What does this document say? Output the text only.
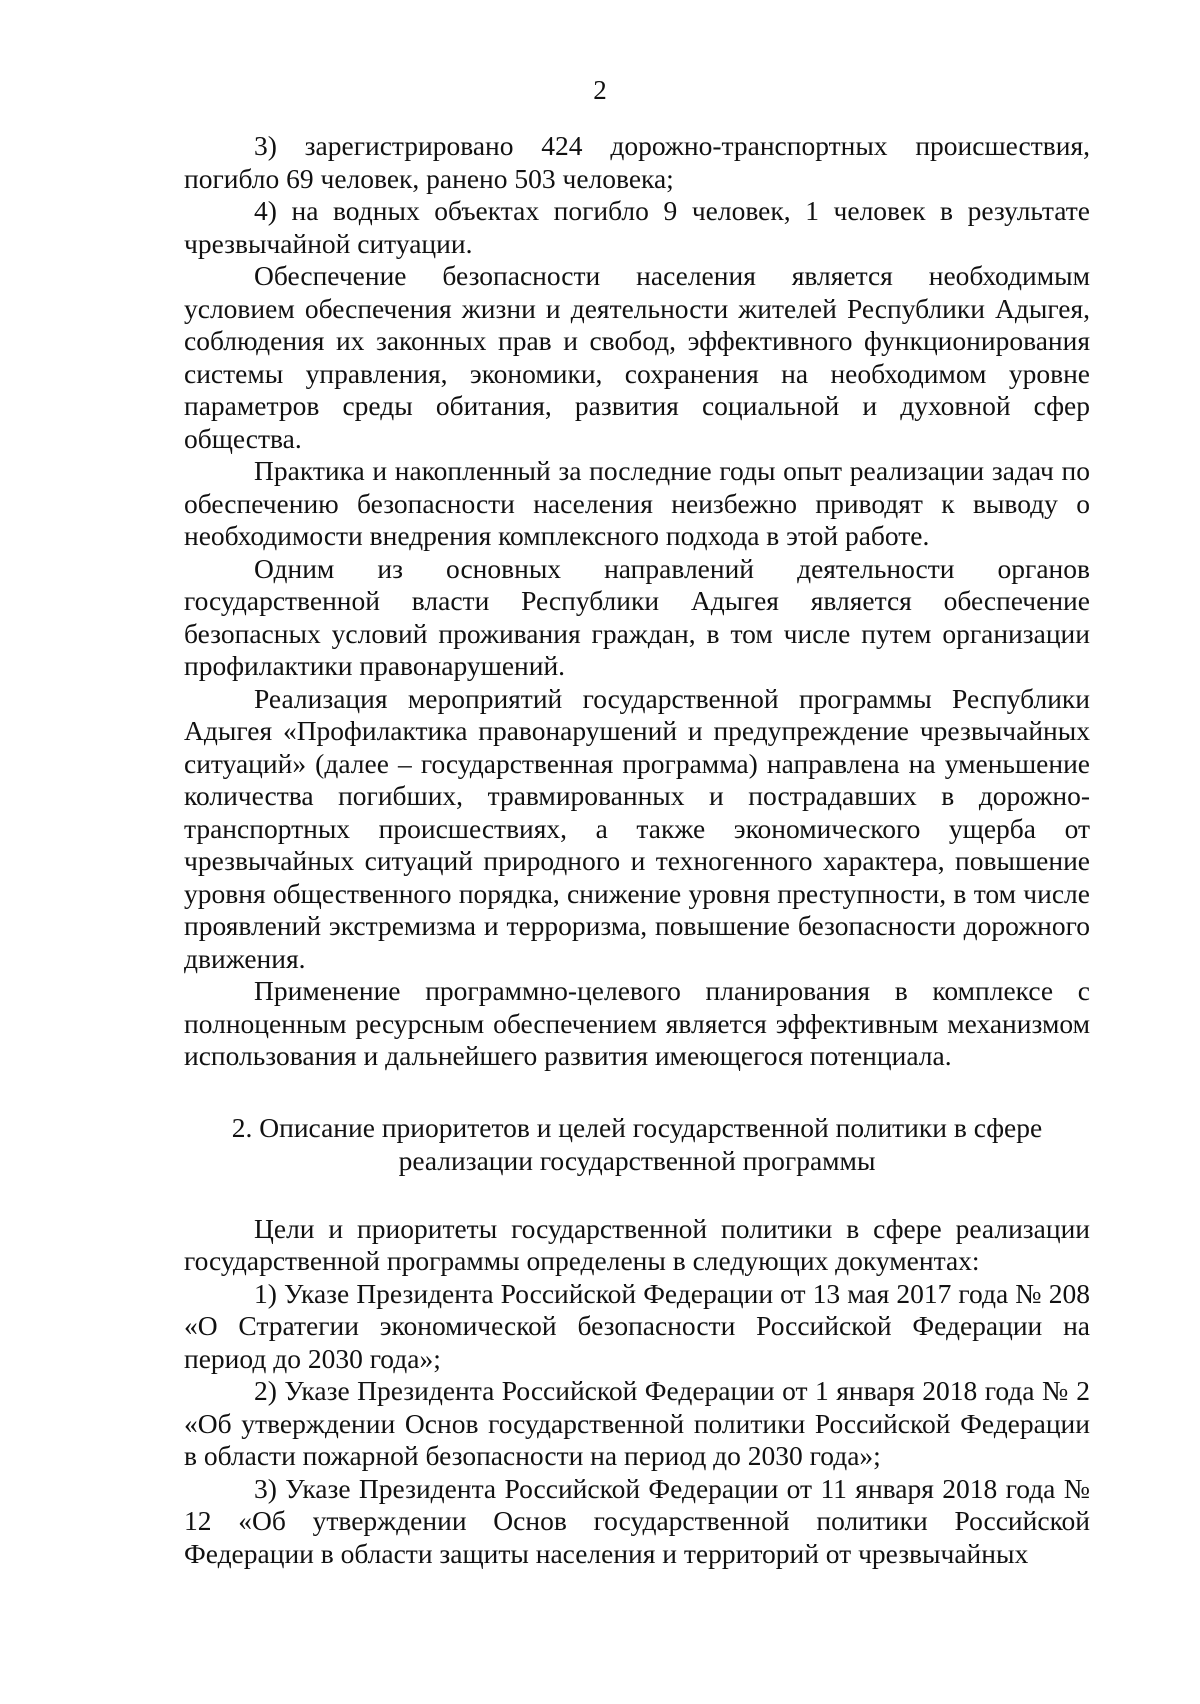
2

3) зарегистрировано 424 дорожно-транспортных происшествия, погибло 69 человек, ранено 503 человека;

4) на водных объектах погибло 9 человек, 1 человек в результате чрезвычайной ситуации.

Обеспечение безопасности населения является необходимым условием обеспечения жизни и деятельности жителей Республики Адыгея, соблюдения их законных прав и свобод, эффективного функционирования системы управления, экономики, сохранения на необходимом уровне параметров среды обитания, развития социальной и духовной сфер общества.

Практика и накопленный за последние годы опыт реализации задач по обеспечению безопасности населения неизбежно приводят к выводу о необходимости внедрения комплексного подхода в этой работе.

Одним из основных направлений деятельности органов государственной власти Республики Адыгея является обеспечение безопасных условий проживания граждан, в том числе путем организации профилактики правонарушений.

Реализация мероприятий государственной программы Республики Адыгея «Профилактика правонарушений и предупреждение чрезвычайных ситуаций» (далее – государственная программа) направлена на уменьшение количества погибших, травмированных и пострадавших в дорожно-транспортных происшествиях, а также экономического ущерба от чрезвычайных ситуаций природного и техногенного характера, повышение уровня общественного порядка, снижение уровня преступности, в том числе проявлений экстремизма и терроризма, повышение безопасности дорожного движения.

Применение программно-целевого планирования в комплексе с полноценным ресурсным обеспечением является эффективным механизмом использования и дальнейшего развития имеющегося потенциала.

2. Описание приоритетов и целей государственной политики в сфере
реализации государственной программы

Цели и приоритеты государственной политики в сфере реализации государственной программы определены в следующих документах:

1) Указе Президента Российской Федерации от 13 мая 2017 года № 208 «О Стратегии экономической безопасности Российской Федерации на период до 2030 года»;

2) Указе Президента Российской Федерации от 1 января 2018 года № 2 «Об утверждении Основ государственной политики Российской Федерации в области пожарной безопасности на период до 2030 года»;

3) Указе Президента Российской Федерации от 11 января 2018 года № 12 «Об утверждении Основ государственной политики Российской Федерации в области защиты населения и территорий от чрезвычайных
